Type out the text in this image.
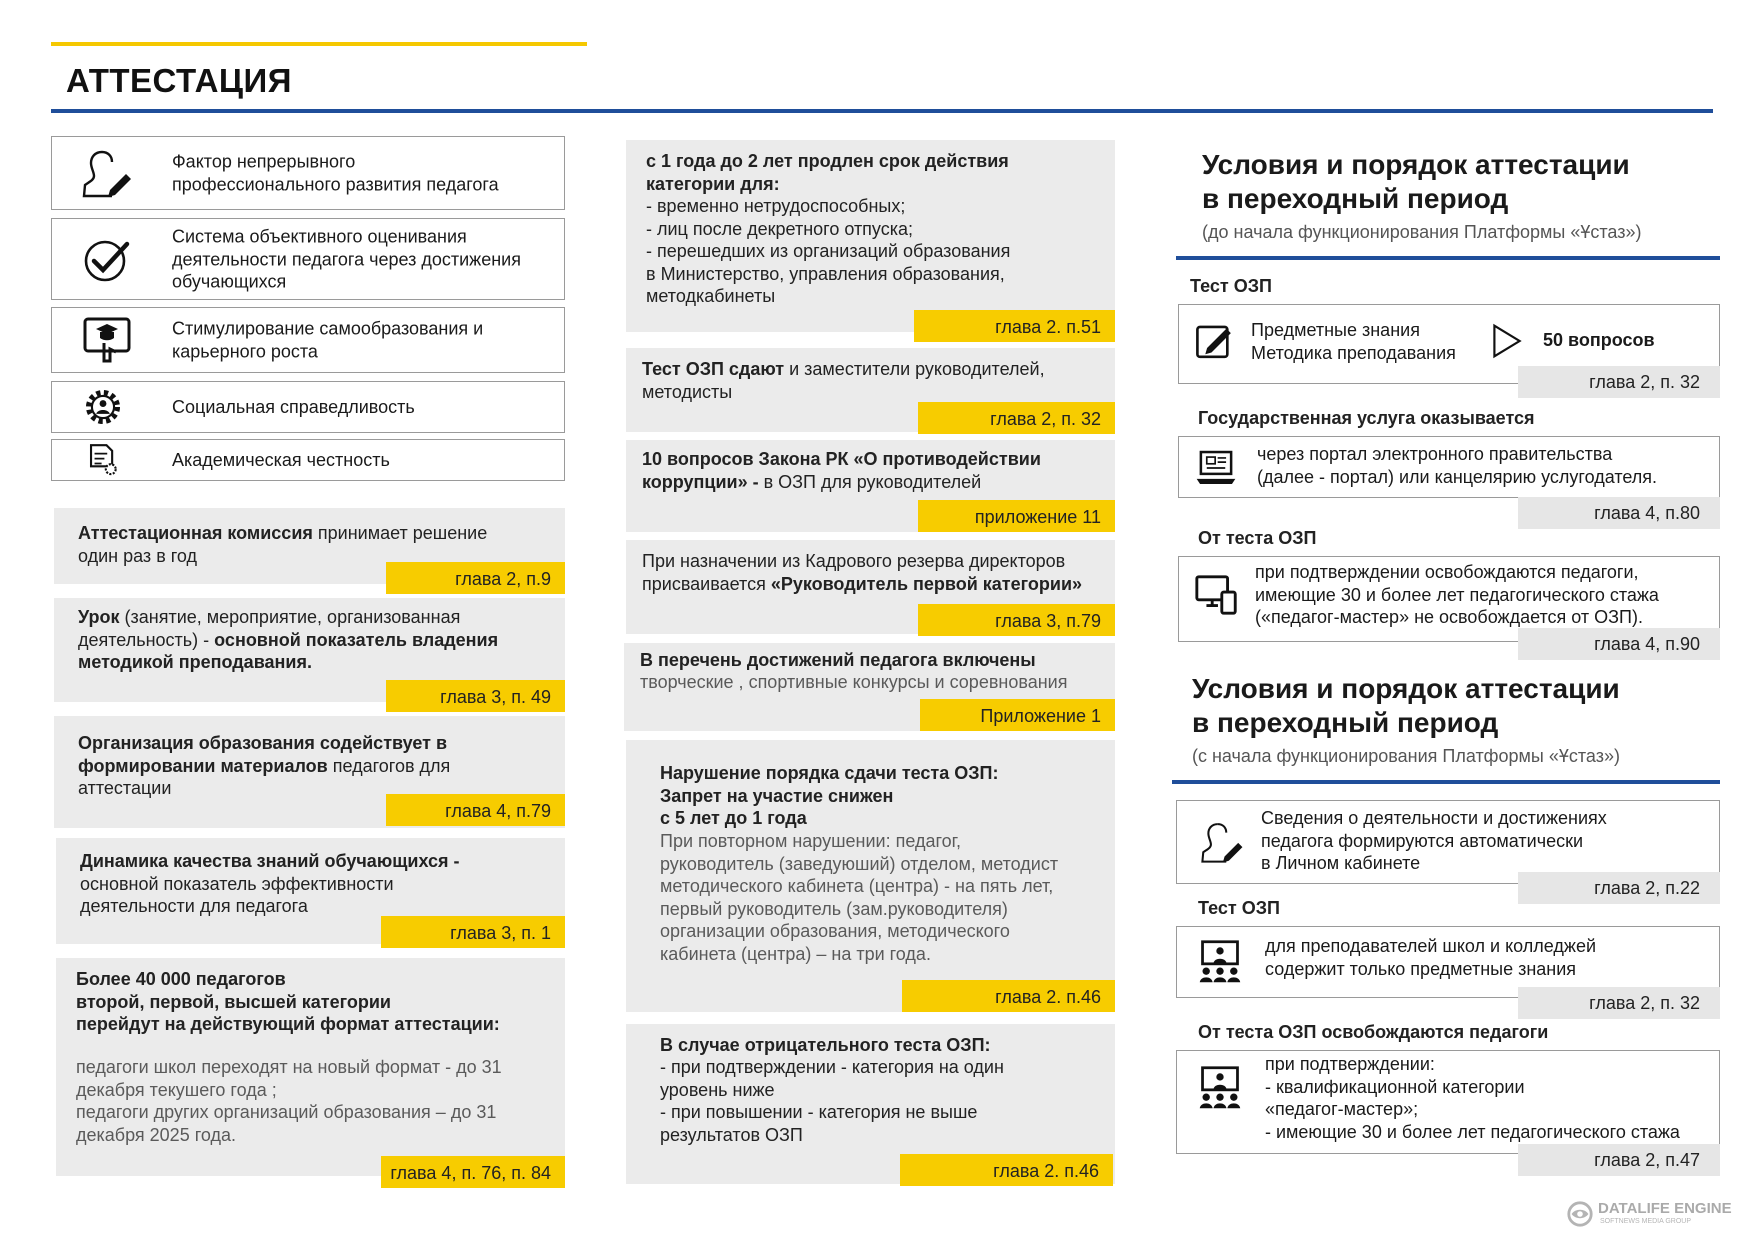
АТТЕСТАЦИЯ
Фактор непрерывного
профессионального развития педагога
Система объективного оценивания
деятельности педагога через достижения
обучающихся
Стимулирование самообразования и
карьерного роста
Социальная справедливость
Академическая честность
Аттестационная комиссия принимает решение
один раз в год
глава 2, п.9
Урок (занятие, мероприятие, организованная
деятельность) - основной показатель владения
методикой преподавания.
глава 3, п. 49
Организация образования содействует в
формировании материалов педагогов для
аттестации
глава 4, п.79
Динамика качества знаний обучающихся -
основной показатель эффективности
деятельности для педагога
глава 3, п. 1
Более 40 000 педагогов
второй, первой, высшей категории
перейдут на действующий формат аттестации:
педагоги школ переходят на новый формат - до 31
декабря текушего года ;
педагоги других организаций образования – до 31
декабря 2025 года.
глава 4, п. 76, п. 84
с 1 года до 2 лет продлен срок действия
категории для:
- временно нетрудоспособных;
- лиц после декретного отпуска;
- перешедших из организаций образования
в Министерство, управления образования,
методкабинеты
глава 2. п.51
Тест ОЗП сдают и заместители руководителей,
методисты
глава 2, п. 32
10 вопросов Закона РК «О противодействии
коррупции» - в ОЗП для руководителей
приложение 11
При назначении из Кадрового резерва директоров
присваивается «Руководитель первой категории»
глава 3, п.79
В перечень достижений педагога включены
творческие , спортивные конкурсы и соревнования
Приложение 1
Нарушение порядка сдачи теста ОЗП:
Запрет на участие снижен
с 5 лет до 1 года
При повторном нарушении: педагог,
руководитель (заведуюший) отделом, методист
методического кабинета (центра) - на пять лет,
первый руководитель (зам.руководителя)
организации образования, методического
кабинета (центра) – на три года.
глава 2. п.46
В случае отрицательного теста ОЗП:
- при подтверждении - категория на один
уровень ниже
- при повышении - категория не выше
результатов ОЗП
глава 2. п.46
Условия и порядок аттестации
в переходный период
(до начала функционирования Платформы «Ұстаз»)
Тест ОЗП
Предметные знания
Методика преподавания
50 вопросов
глава 2, п. 32
Государственная услуга оказывается
через портал электронного правительства
(далее - портал) или канцелярию услугодателя.
глава 4, п.80
От теста ОЗП
при подтверждении освобождаются педагоги,
имеющие 30 и более лет педагогического стажа
(«педагог-мастер» не освобождается от ОЗП).
глава 4, п.90
Условия и порядок аттестации
в переходный период
(с начала функционирования Платформы «Ұстаз»)
Сведения о деятельности и достижениях
педагога формируются автоматически
в Личном кабинете
глава 2, п.22
Тест ОЗП
для преподавателей школ и колледжей
содержит только предметные знания
глава 2, п. 32
От теста ОЗП освобождаются педагоги
при подтверждении:
- квалификационной категории
«педагог-мастер»;
- имеющие 30 и более лет педагогического стажа
глава 2, п.47
DATALIFE ENGINE
SOFTNEWS MEDIA GROUP
